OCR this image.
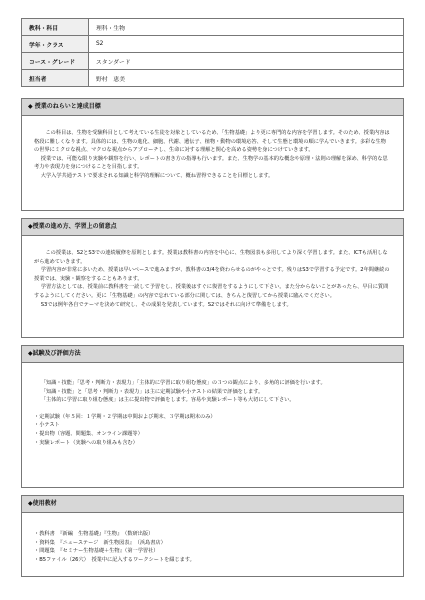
教科・科目	理科・生物
学年・クラス	S2
コース・グレード	スタンダード
担当者	野村　恵美
◆ 授業のねらいと達成目標

この科目は、生物を受験科目として考えている生徒を対象としているため、「生物基礎」より更に専門的な内容を学習します。そのため、授業内容は格段に難しくなります。具体的には、生物の進化、細胞、代謝、遺伝子、植物・動物の環境応答、そして生態と環境の順に学んでいきます。多彩な生物の世界にミクロな視点、マクロな視点からアプローチし、生命に対する理解と関心を高める姿勢を身につけていきます。

授業では、可能な限り実験や観察を行い、レポートの書き方の指導も行います。また、生物学の基本的な概念や原理・法則の理解を深め、科学的な思考力や表現力を身につけることを目指します。

大学入学共通テストで要求される知識と科学的理解について、概ね習得できることを目標とします。

◆授業の進め方、学習上の留意点

この授業は、S2とS3での連続履修を原則とします。授業は教科書の内容を中心に、生物図表も多用してより深く学習します。また、ICTも活用しながら進めていきます。

学習内容が非常に多いため、授業は早いペースで進みますが、教科書の3/4を終わらせるのがやっとです。残りはS3で学習する予定です。2年間継続の授業では、実験・観察をすることもあります。

学習方法としては、授業前に教科書を一読して予習をし、授業後はすぐに復習をするようにして下さい。また分からないことがあったら、早目に質問するようにしてください。更に「生物基礎」の内容で忘れている部分に関しては、きちんと復習してから授業に臨んでください。

S3では例年各自でテーマを決めて研究し、その成果を発表しています。S2ではそれに向けて準備をします。

◆試験及び評価方法

「知識・技能」「思考・判断力・表現力」「主体的に学習に取り組む態度」の３つの観点により、多角的に評価を行います。

「知識・技能」と「思考・判断力・表現力」は主に定期試験や小テストの結果で評価をします。

「主体的に学習に取り組む態度」は主に提出物で評価をします。容易や実験レポート等も大切にして下さい。

・定期試験（年５回：１学期・２学期は中間および期末、３学期は期末のみ）

・小テスト

・提出物（容題、問題集、オンライン課題等）

・実験レポート（実験への取り組みも含む）

◆使用教材

・教科書　『新編　生物基礎』『生物』　（数研出版）

・資料集　『ニューステージ　新生物図表』　（浜島書店）

・問題集　『セミナー生物基礎＋生物』（第一学習社）

・B5ファイル（26穴）　授業中に記入するワークシートを綴じます。
